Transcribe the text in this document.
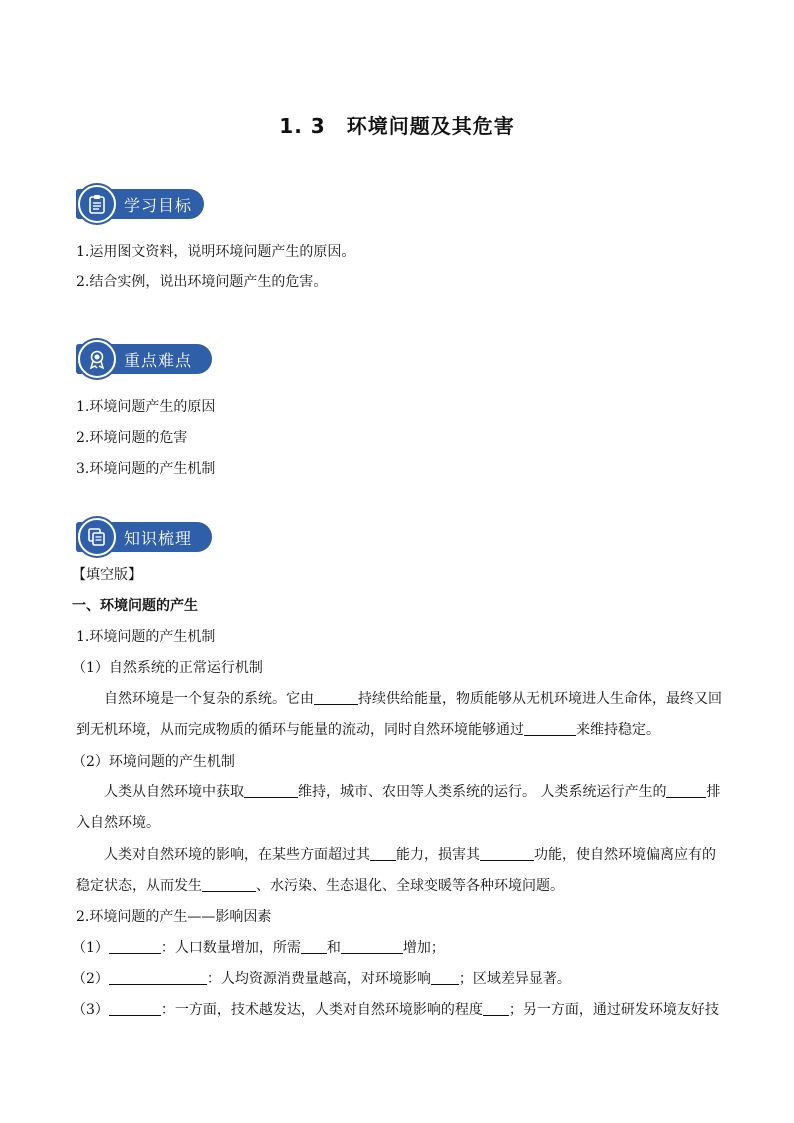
1. 3　环境问题及其危害
学习目标
1.运用图文资料，说明环境问题产生的原因。
2.结合实例，说出环境问题产生的危害。
重点难点
1.环境问题产生的原因
2.环境问题的危害
3.环境问题的产生机制
知识梳理
【填空版】
一、环境问题的产生
1.环境问题的产生机制
（1）自然系统的正常运行机制
自然环境是一个复杂的系统。它由	持续供给能量，物质能够从无机环境进人生命体，最终又回到无机环境，从而完成物质的循环与能量的流动，同时自然环境能够通过	来维持稳定。
（2）环境问题的产生机制
人类从自然环境中获取	维持，城市、农田等人类系统的运行。 人类系统运行产生的	排入自然环境。
人类对自然环境的影响，在某些方面超过其 能力，损害其	功能，使自然环境偏离应有的稳定状态，从而发生	、水污染、生态退化、全球变暖等各种环境问题。
2.环境问题的产生——影响因素
（1）	：人口数量增加，所需 和	增加；
（2）	：人均资源消费量越高，对环境影响 ；区域差异显著。
（3）	：一方面，技术越发达，人类对自然环境影响的程度 ；另一方面，通过研发环境友好技
